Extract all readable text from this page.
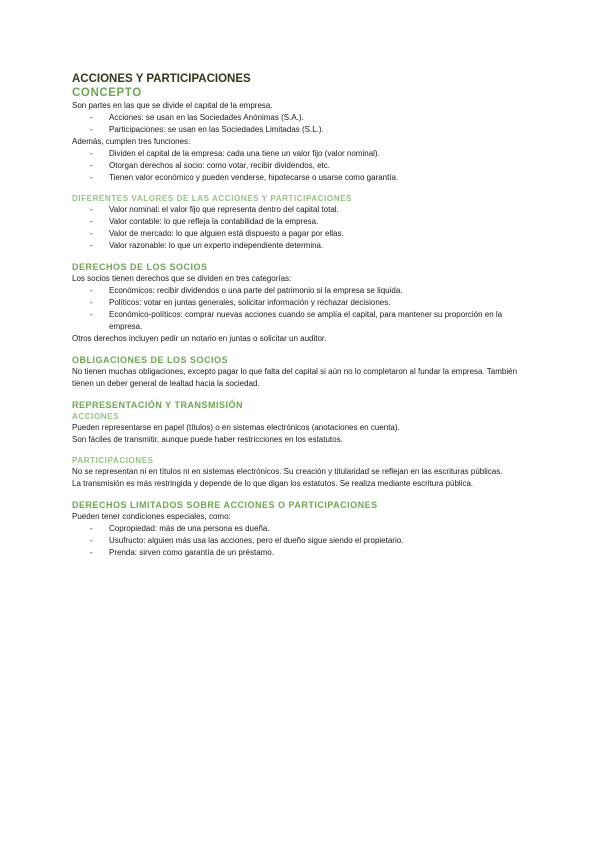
ACCIONES Y PARTICIPACIONES
CONCEPTO

Son partes en las que se divide el capital de la empresa.

- Acciones: se usan en las Sociedades Anónimas (S.A.).
- Participaciones: se usan en las Sociedades Limitadas (S.L.).

Además, cumplen tres funciones:

- Dividen el capital de la empresa: cada una tiene un valor fijo (valor nominal).
- Otorgan derechos al socio: como votar, recibir dividendos, etc.
- Tienen valor económico y pueden venderse, hipotecarse o usarse como garantía.
DIFERENTES VALORES DE LAS ACCIONES Y PARTICIPACIONES
- Valor nominal: el valor fijo que representa dentro del capital total.
- Valor contable: lo que refleja la contabilidad de la empresa.
- Valor de mercado: lo que alguien está dispuesto a pagar por ellas.
- Valor razonable: lo que un experto independiente determina.
DERECHOS DE LOS SOCIOS

Los socios tienen derechos que se dividen en tres categorías:

- Económicos: recibir dividendos o una parte del patrimonio si la empresa se liquida.
- Políticos: votar en juntas generales, solicitar información y rechazar decisiones.
- Económico-políticos: comprar nuevas acciones cuando se amplía el capital, para mantener su proporción en la empresa.

Otros derechos incluyen pedir un notario en juntas o solicitar un auditor.

OBLIGACIONES DE LOS SOCIOS

No tienen muchas obligaciones, excepto pagar lo que falta del capital si aún no lo completaron al fundar la empresa. También tienen un deber general de lealtad hacia la sociedad.

REPRESENTACIÓN Y TRANSMISIÓN
ACCIONES

Pueden representarse en papel (títulos) o en sistemas electrónicos (anotaciones en cuenta).

Son fáciles de transmitir, aunque puede haber restricciones en los estatutos.

PARTICIPACIONES

No se representan ni en títulos ni en sistemas electrónicos. Su creación y titularidad se reflejan en las escrituras públicas.

La transmisión es más restringida y depende de lo que digan los estatutos. Se realiza mediante escritura pública.

DERECHOS LIMITADOS SOBRE ACCIONES O PARTICIPACIONES

Pueden tener condiciones especiales, como:

- Copropiedad: más de una persona es dueña.
- Usufructo: alguien más usa las acciones, pero el dueño sigue siendo el propietario.
- Prenda: sirven como garantía de un préstamo.
